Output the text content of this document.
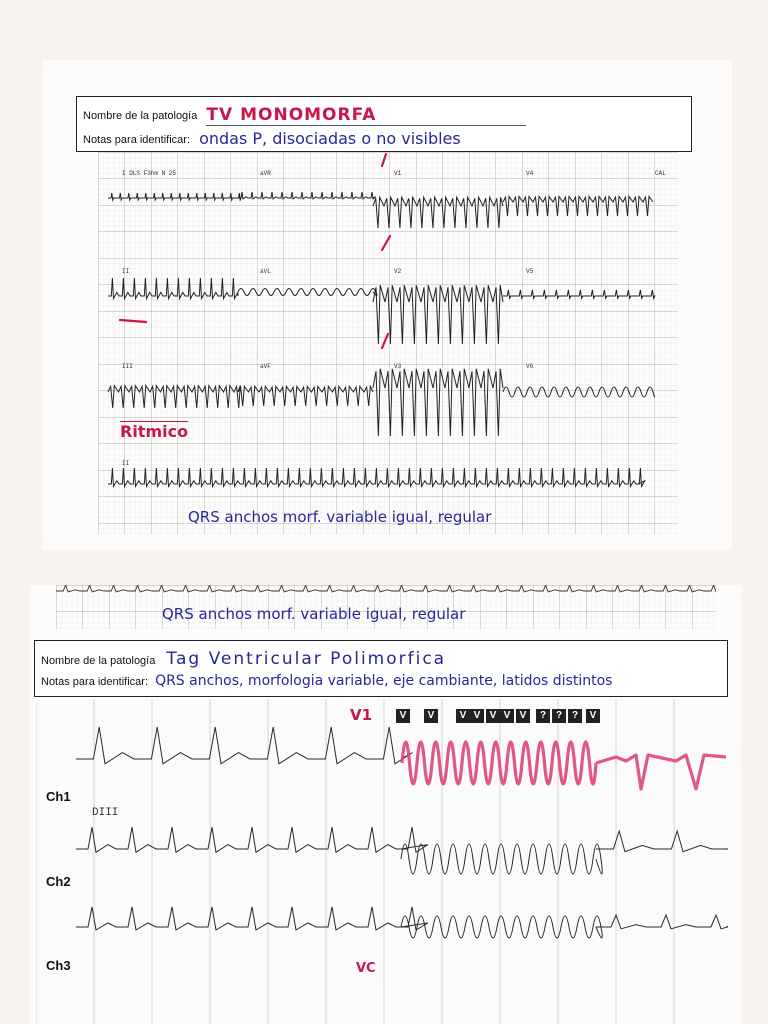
Nombre de la patología TV MONOMORFA
Notas para identificar: ondas P, disociadas o no visibles
I DLS F3hm N 25	CAL
aVR	V1	V4
II	aVL	V2	V5
III	aVF	V3	V6
II
Ritmico
QRS anchos morf. variable igual, regular
QRS anchos morf. variable igual, regular
Nombre de la patología Tag Ventricular Polimorfica
Notas para identificar: QRS anchos, morfologia variable, eje cambiante, latidos distintos
Ch1
Ch2
Ch3
DIII
V1
VC
V	V	V V V V V	? ? ?	V
